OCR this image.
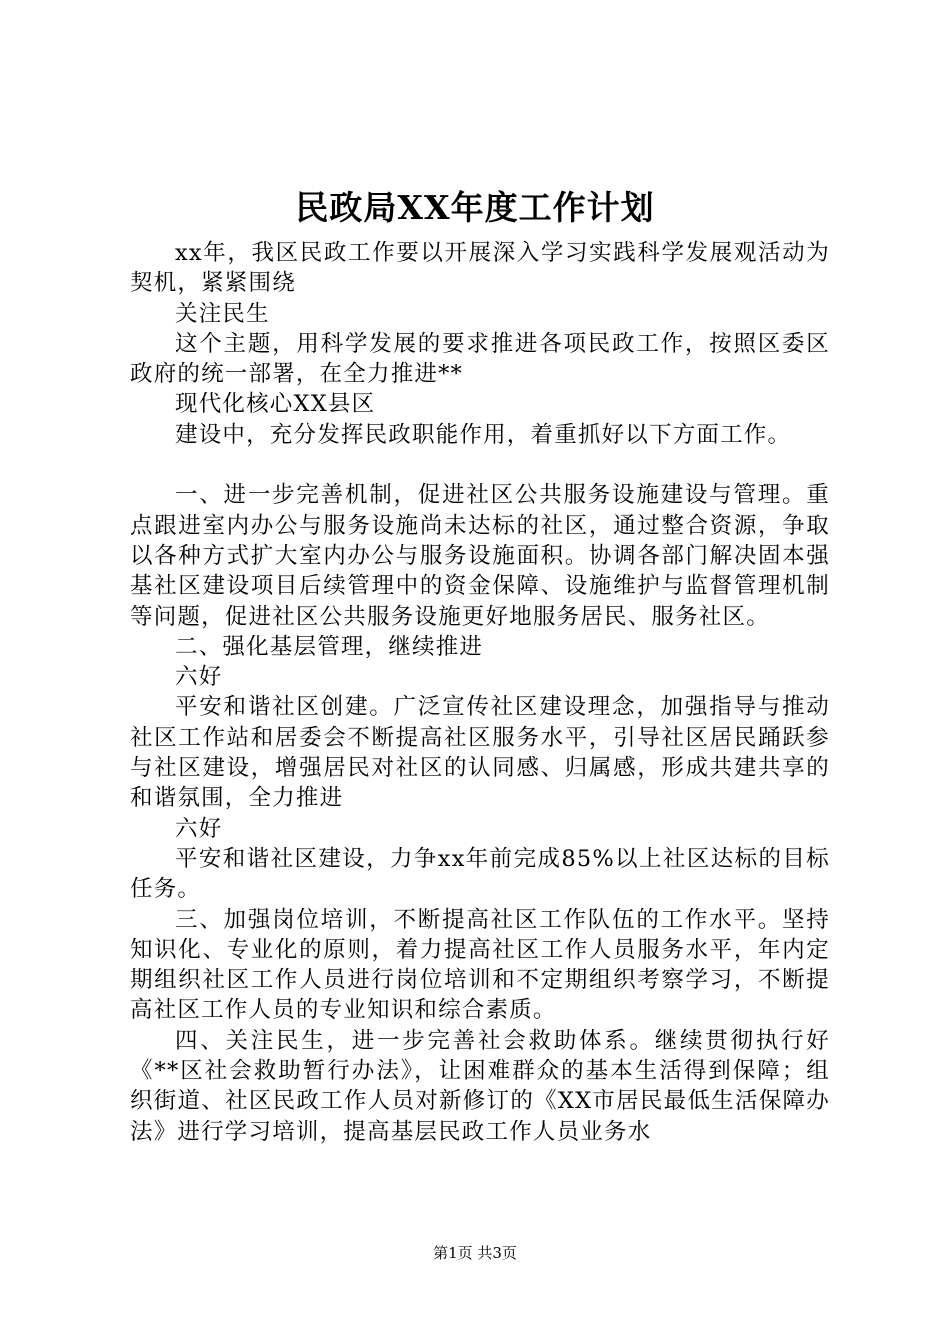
民政局XX年度工作计划

xx年，我区民政工作要以开展深入学习实践科学发展观活动为契机，紧紧围绕

关注民生

这个主题，用科学发展的要求推进各项民政工作，按照区委区政府的统一部署，在全力推进**

现代化核心XX县区

建设中，充分发挥民政职能作用，着重抓好以下方面工作。

一、进一步完善机制，促进社区公共服务设施建设与管理。重点跟进室内办公与服务设施尚未达标的社区，通过整合资源，争取以各种方式扩大室内办公与服务设施面积。协调各部门解决固本强基社区建设项目后续管理中的资金保障、设施维护与监督管理机制等问题，促进社区公共服务设施更好地服务居民、服务社区。

二、强化基层管理，继续推进

六好

平安和谐社区创建。广泛宣传社区建设理念，加强指导与推动社区工作站和居委会不断提高社区服务水平，引导社区居民踊跃参与社区建设，增强居民对社区的认同感、归属感，形成共建共享的和谐氛围，全力推进

六好

平安和谐社区建设，力争xx年前完成85%以上社区达标的目标任务。

三、加强岗位培训，不断提高社区工作队伍的工作水平。坚持知识化、专业化的原则，着力提高社区工作人员服务水平，年内定期组织社区工作人员进行岗位培训和不定期组织考察学习，不断提高社区工作人员的专业知识和综合素质。

四、关注民生，进一步完善社会救助体系。继续贯彻执行好《**区社会救助暂行办法》，让困难群众的基本生活得到保障；组织街道、社区民政工作人员对新修订的《XX市居民最低生活保障办法》进行学习培训，提高基层民政工作人员业务水

第1页 共3页
